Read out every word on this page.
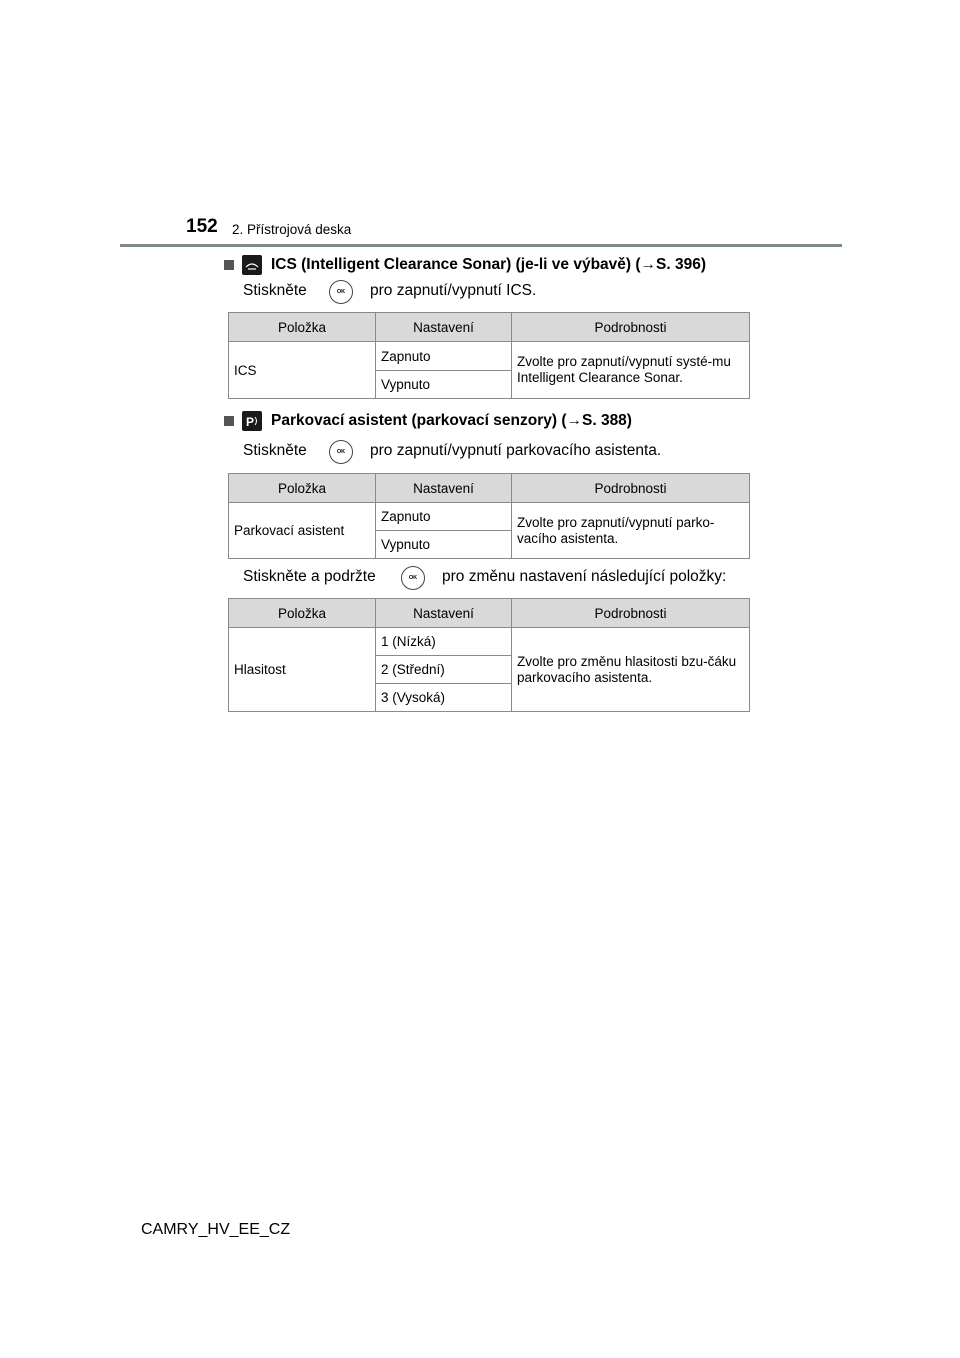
152 2. Přístrojová deska
ICS (Intelligent Clearance Sonar) (je-li ve výbavě) (→S. 396)
Stiskněte	OK	pro zapnutí/vypnutí ICS.
Položka	Nastavení	Podrobnosti
ICS	Zapnuto	Zvolte pro zapnutí/vypnutí systé-mu Intelligent Clearance Sonar.
	Vypnuto	
P Parkovací asistent (parkovací senzory) (→S. 388)
Stiskněte	OK	pro zapnutí/vypnutí parkovacího asistenta.
Položka	Nastavení	Podrobnosti
Parkovací asistent	Zapnuto	Zvolte pro zapnutí/vypnutí parko-vacího asistenta.
	Vypnuto	
Stiskněte a podržte	OK	pro změnu nastavení následující položky:
Položka	Nastavení	Podrobnosti
Hlasitost	1 (Nízká)	Zvolte pro změnu hlasitosti bzu-čáku parkovacího asistenta.
	2 (Střední)	
	3 (Vysoká)	
CAMRY_HV_EE_CZ
